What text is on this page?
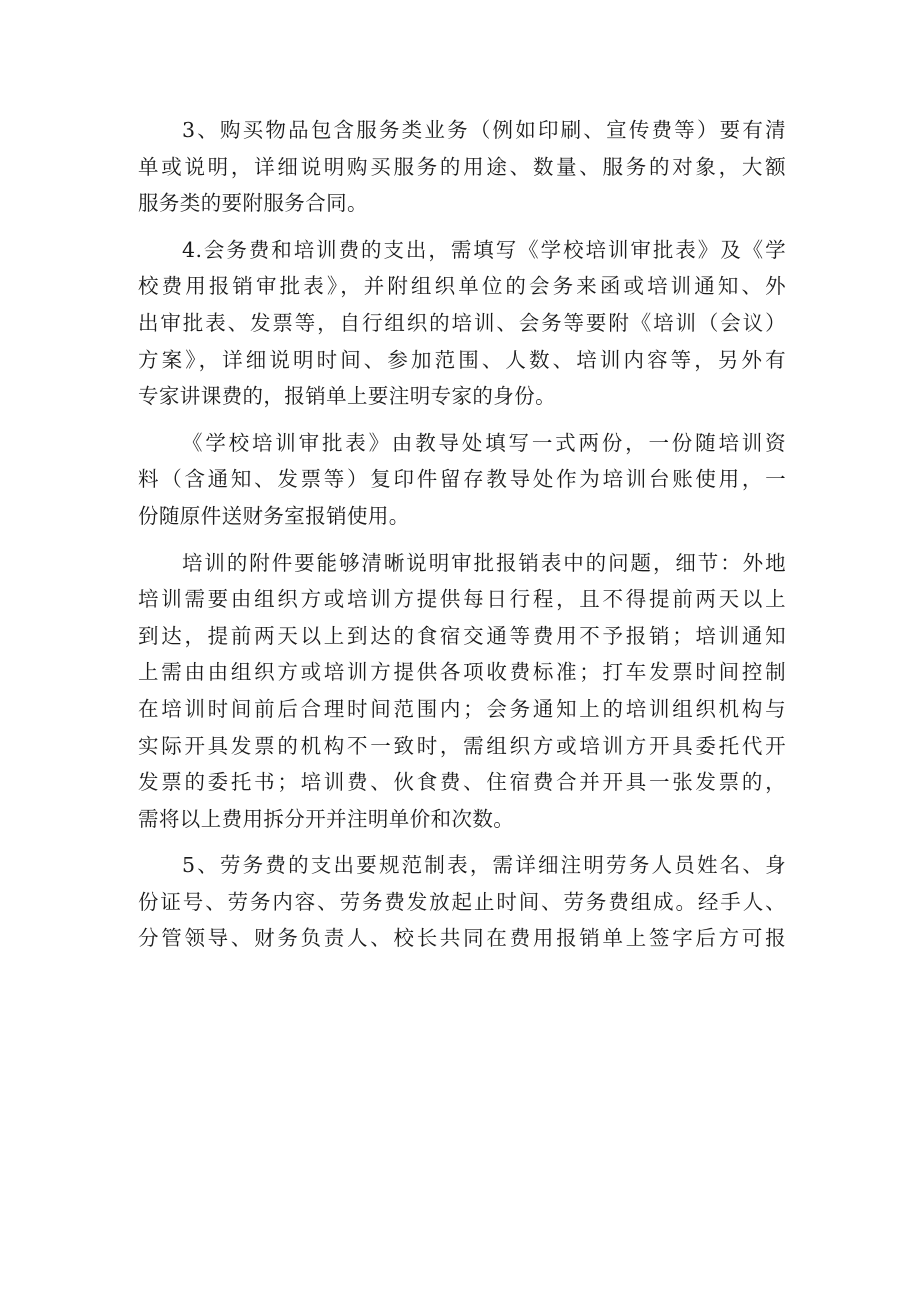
3、购买物品包含服务类业务（例如印刷、宣传费等）要有清
单或说明，详细说明购买服务的用途、数量、服务的对象，大额
服务类的要附服务合同。
4.会务费和培训费的支出，需填写《学校培训审批表》及《学
校费用报销审批表》，并附组织单位的会务来函或培训通知、外
出审批表、发票等，自行组织的培训、会务等要附《培训（会议）
方案》，详细说明时间、参加范围、人数、培训内容等，另外有
专家讲课费的，报销单上要注明专家的身份。
《学校培训审批表》由教导处填写一式两份，一份随培训资
料（含通知、发票等）复印件留存教导处作为培训台账使用，一
份随原件送财务室报销使用。
培训的附件要能够清晰说明审批报销表中的问题，细节：外地
培训需要由组织方或培训方提供每日行程，且不得提前两天以上
到达，提前两天以上到达的食宿交通等费用不予报销；培训通知
上需由由组织方或培训方提供各项收费标准；打车发票时间控制
在培训时间前后合理时间范围内；会务通知上的培训组织机构与
实际开具发票的机构不一致时，需组织方或培训方开具委托代开
发票的委托书；培训费、伙食费、住宿费合并开具一张发票的，
需将以上费用拆分开并注明单价和次数。
5、劳务费的支出要规范制表，需详细注明劳务人员姓名、身
份证号、劳务内容、劳务费发放起止时间、劳务费组成。经手人、
分管领导、财务负责人、校长共同在费用报销单上签字后方可报
